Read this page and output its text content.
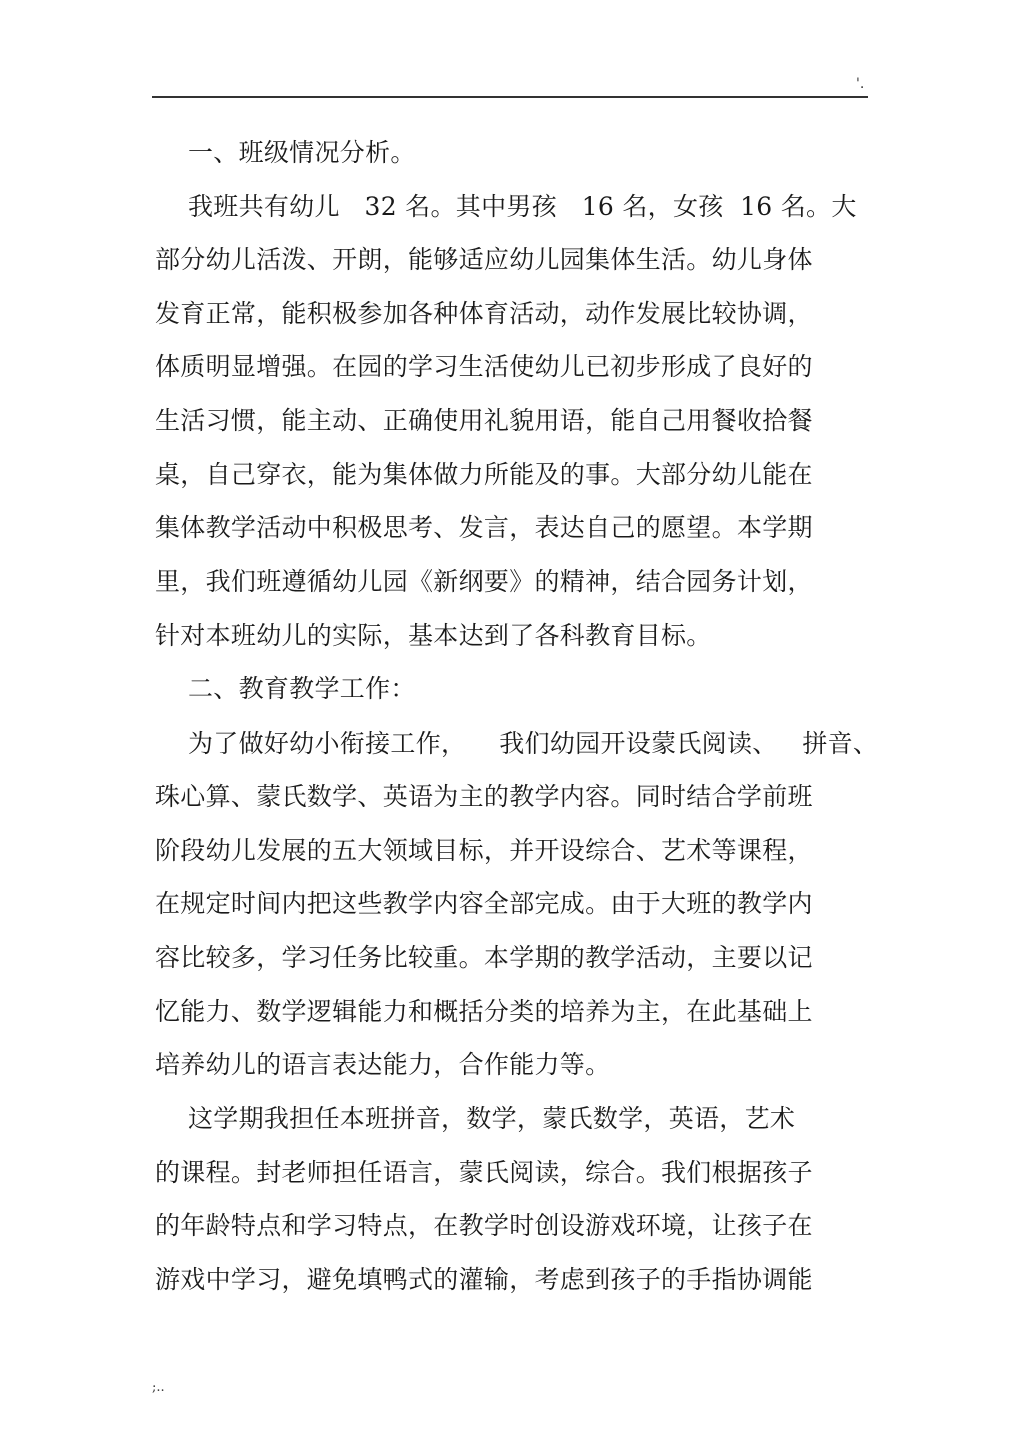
'.
一、班级情况分析。
我班共有幼儿   32 名。其中男孩   16 名，女孩  16 名。大
部分幼儿活泼、开朗，能够适应幼儿园集体生活。幼儿身体
发育正常，能积极参加各种体育活动，动作发展比较协调，
体质明显增强。在园的学习生活使幼儿已初步形成了良好的
生活习惯，能主动、正确使用礼貌用语，能自己用餐收拾餐
桌，自己穿衣，能为集体做力所能及的事。大部分幼儿能在
集体教学活动中积极思考、发言，表达自己的愿望。本学期
里，我们班遵循幼儿园《新纲要》的精神，结合园务计划，
针对本班幼儿的实际，基本达到了各科教育目标。
二、教育教学工作：
为了做好幼小衔接工作，    我们幼园开设蒙氏阅读、   拼音、
珠心算、蒙氏数学、英语为主的教学内容。同时结合学前班
阶段幼儿发展的五大领域目标，并开设综合、艺术等课程，
在规定时间内把这些教学内容全部完成。由于大班的教学内
容比较多，学习任务比较重。本学期的教学活动，主要以记
忆能力、数学逻辑能力和概括分类的培养为主，在此基础上
培养幼儿的语言表达能力，合作能力等。
这学期我担任本班拼音，数学，蒙氏数学，英语，艺术
的课程。封老师担任语言，蒙氏阅读，综合。我们根据孩子
的年龄特点和学习特点，在教学时创设游戏环境，让孩子在
游戏中学习，避免填鸭式的灌输，考虑到孩子的手指协调能
;..
